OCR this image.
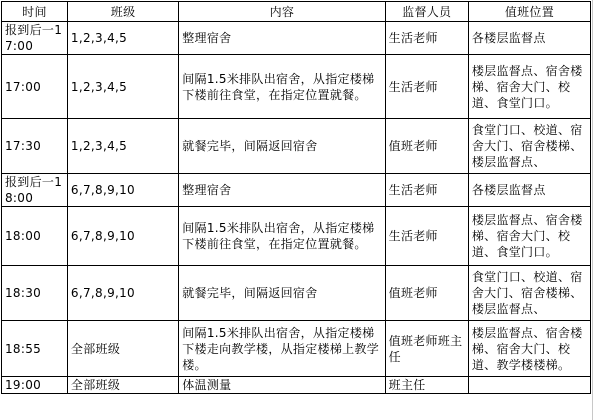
时间	班级	内容	监督人员	值班位置
报到后一17:00	1,2,3,4,5	整理宿舍	生活老师	各楼层监督点
17:00	1,2,3,4,5	间隔1.5米排队出宿舍，从指定楼梯下楼前往食堂，在指定位置就餐。	生活老师	楼层监督点、宿舍楼梯、宿舍大门、校道、食堂门口。
17:30	1,2,3,4,5	就餐完毕，间隔返回宿舍	值班老师	食堂门口、校道、宿舍大门、宿舍楼梯、楼层监督点、
报到后一18:00	6,7,8,9,10	整理宿舍	生活老师	各楼层监督点
18:00	6,7,8,9,10	间隔1.5米排队出宿舍，从指定楼梯下楼前往食堂，在指定位置就餐。	生活老师	楼层监督点、宿舍楼梯、宿舍大门、校道、食堂门口。
18:30	6,7,8,9,10	就餐完毕，间隔返回宿舍	值班老师	食堂门口、校道、宿舍大门、宿舍楼梯、楼层监督点、
18:55	全部班级	间隔1.5米排队出宿舍，从指定楼梯下楼走向教学楼，从指定楼梯上教学楼。	值班老师班主任	楼层监督点、宿舍楼梯、宿舍大门、校道、教学楼楼梯。
19:00	全部班级	体温测量	班主任	
